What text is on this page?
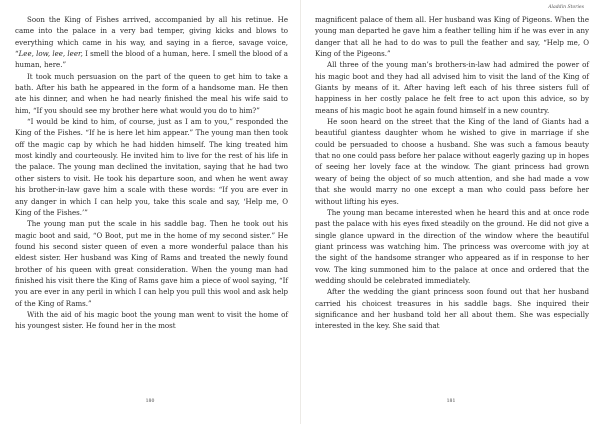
Soon the King of Fishes arrived, accompanied by all his retinue. He came into the palace in a very bad temper, giving kicks and blows to everything which came in his way, and saying in a fierce, savage voice, “Lee, low, lee, leer, I smell the blood of a human, here. I smell the blood of a human, here.”

It took much persuasion on the part of the queen to get him to take a bath. After his bath he appeared in the form of a handsome man. He then ate his dinner, and when he had nearly finished the meal his wife said to him, “If you should see my brother here what would you do to him?”

“I would be kind to him, of course, just as I am to you,” responded the King of the Fishes. “If he is here let him appear.” The young man then took off the magic cap by which he had hidden himself. The king treated him most kindly and courteously. He invited him to live for the rest of his life in the palace. The young man declined the invitation, saying that he had two other sisters to visit. He took his departure soon, and when he went away his brother-in-law gave him a scale with these words: “If you are ever in any danger in which I can help you, take this scale and say, ‘Help me, O King of the Fishes.’”

The young man put the scale in his saddle bag. Then he took out his magic boot and said, “O Boot, put me in the home of my second sister.” He found his second sister queen of even a more wonderful palace than his eldest sister. Her husband was King of Rams and treated the newly found brother of his queen with great consideration. When the young man had finished his visit there the King of Rams gave him a piece of wool saying, “If you are ever in any peril in which I can help you pull this wool and ask help of the King of Rams.”

With the aid of his magic boot the young man went to visit the home of his youngest sister. He found her in the most

180
Aladdin Stories

magnificent palace of them all. Her husband was King of Pigeons. When the young man departed he gave him a feather telling him if he was ever in any danger that all he had to do was to pull the feather and say, “Help me, O King of the Pigeons.”

All three of the young man’s brothers-in-law had admired the power of his magic boot and they had all advised him to visit the land of the King of Giants by means of it. After having left each of his three sisters full of happiness in her costly palace he felt free to act upon this advice, so by means of his magic boot he again found himself in a new country.

He soon heard on the street that the King of the land of Giants had a beautiful giantess daughter whom he wished to give in marriage if she could be persuaded to choose a husband. She was such a famous beauty that no one could pass before her palace without eagerly gazing up in hopes of seeing her lovely face at the window. The giant princess had grown weary of being the object of so much attention, and she had made a vow that she would marry no one except a man who could pass before her without lifting his eyes.

The young man became interested when he heard this and at once rode past the palace with his eyes fixed steadily on the ground. He did not give a single glance upward in the direction of the window where the beautiful giant princess was watching him. The princess was overcome with joy at the sight of the handsome stranger who appeared as if in response to her vow. The king summoned him to the palace at once and ordered that the wedding should be celebrated immediately.

After the wedding the giant princess soon found out that her husband carried his choicest treasures in his saddle bags. She inquired their significance and her husband told her all about them. She was especially interested in the key. She said that

181
